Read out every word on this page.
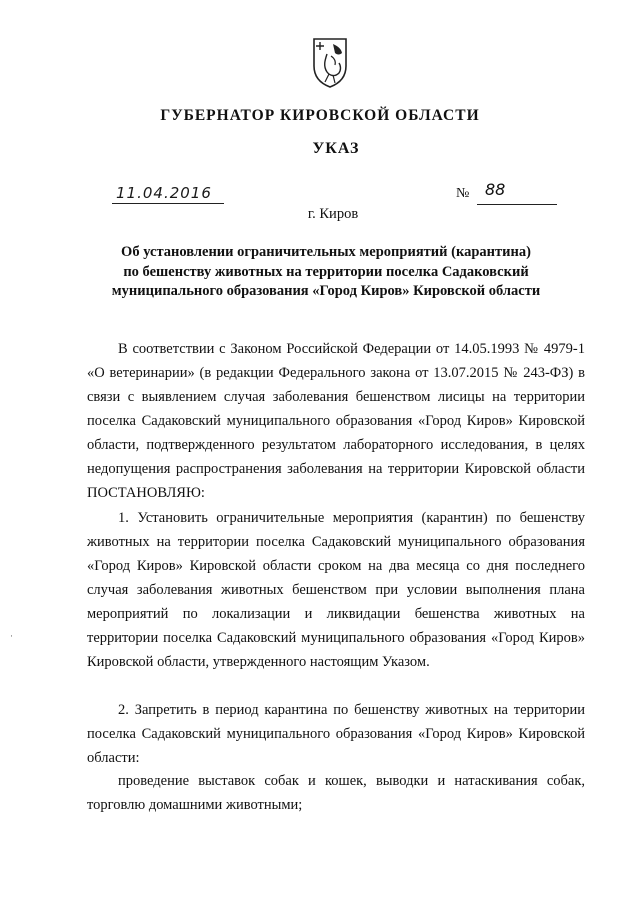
ГУБЕРНАТОР КИРОВСКОЙ ОБЛАСТИ
УКАЗ
11.04.2016	№ 88
г. Киров
Об установлении ограничительных мероприятий (карантина)
по бешенству животных на территории поселка Садаковский
муниципального образования «Город Киров» Кировской области

В соответствии с Законом Российской Федерации от 14.05.1993 № 4979-1 «О ветеринарии» (в редакции Федерального закона от 13.07.2015 № 243-ФЗ) в связи с выявлением случая заболевания бешенством лисицы на территории поселка Садаковский муниципального образования «Город Киров» Кировской области, подтвержденного результатом лабораторного исследования, в целях недопущения распространения заболевания на территории Кировской области ПОСТАНОВЛЯЮ:

1. Установить ограничительные мероприятия (карантин) по бешенству животных на территории поселка Садаковский муниципального образования «Город Киров» Кировской области сроком на два месяца со дня последнего случая заболевания животных бешенством при условии выполнения плана мероприятий по локализации и ликвидации бешенства животных на территории поселка Садаковский муниципального образования «Город Киров» Кировской области, утвержденного настоящим Указом.

2. Запретить в период карантина по бешенству животных на территории поселка Садаковский муниципального образования «Город Киров» Кировской области:

проведение выставок собак и кошек, выводки и натаскивания собак, торговлю домашними животными;

·
